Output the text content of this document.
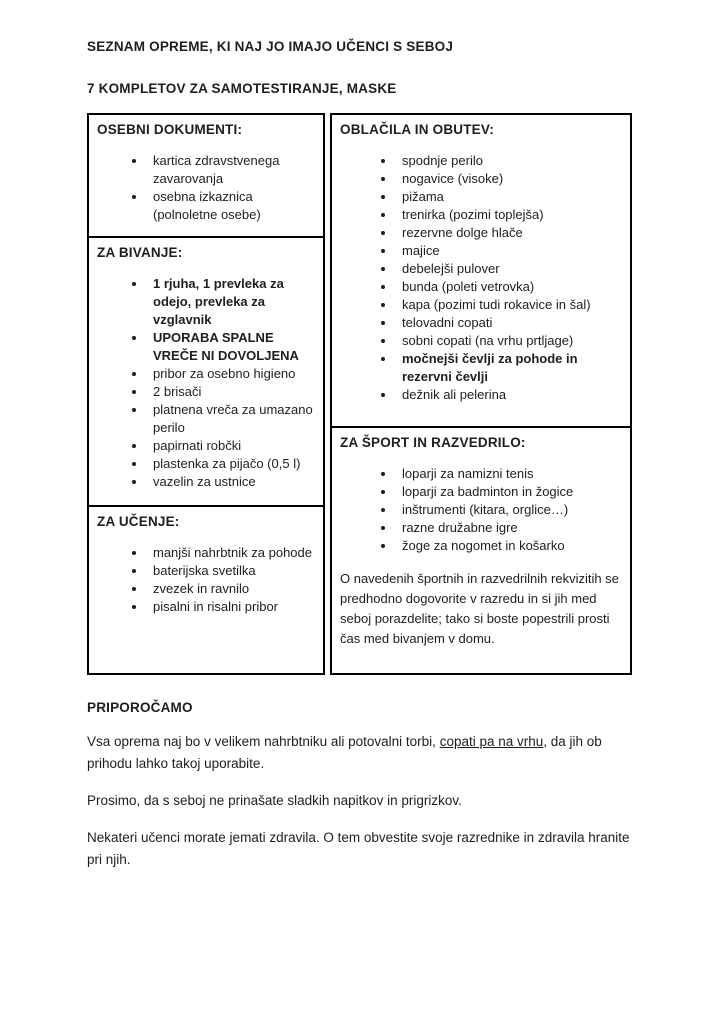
SEZNAM OPREME, KI NAJ JO IMAJO UČENCI S SEBOJ
7 KOMPLETOV ZA SAMOTESTIRANJE, MASKE
OSEBNI DOKUMENTI:
• kartica zdravstvenega zavarovanja
• osebna izkaznica (polnoletne osebe)
ZA BIVANJE:
• 1 rjuha, 1 prevleka za odejo, prevleka za vzglavnik
• UPORABA SPALNE VREČE NI DOVOLJENA
• pribor za osebno higieno
• 2 brisači
• platnena vreča za umazano perilo
• papirnati robčki
• plastenka za pijačo (0,5 l)
• vazelin za ustnice
ZA UČENJE:
• manjši nahrbtnik za pohode
• baterijska svetilka
• zvezek in ravnilo
• pisalni in risalni pribor
OBLAČILA IN OBUTEV:
• spodnje perilo
• nogavice (visoke)
• pižama
• trenirka (pozimi toplejša)
• rezervne dolge hlače
• majice
• debelejši pulover
• bunda (poleti vetrovka)
• kapa (pozimi tudi rokavice in šal)
• telovadni copati
• sobni copati (na vrhu prtljage)
• močnejši čevlji za pohode in rezervni čevlji
• dežnik ali pelerina
ZA ŠPORT IN RAZVEDRILO:
• loparji za namizni tenis
• loparji za badminton in žogice
• inštrumenti (kitara, orglice…)
• razne družabne igre
• žoge za nogomet in košarko

O navedenih športnih in razvedrilnih rekvizitih se predhodno dogovorite v razredu in si jih med seboj porazdelite; tako si boste popestrili prosti čas med bivanjem v domu.

PRIPOROČAMO

Vsa oprema naj bo v velikem nahrbtniku ali potovalni torbi, copati pa na vrhu, da jih ob prihodu lahko takoj uporabite.

Prosimo, da s seboj ne prinašate sladkih napitkov in prigrizkov.

Nekateri učenci morate jemati zdravila. O tem obvestite svoje razrednike in zdravila hranite pri njih.
